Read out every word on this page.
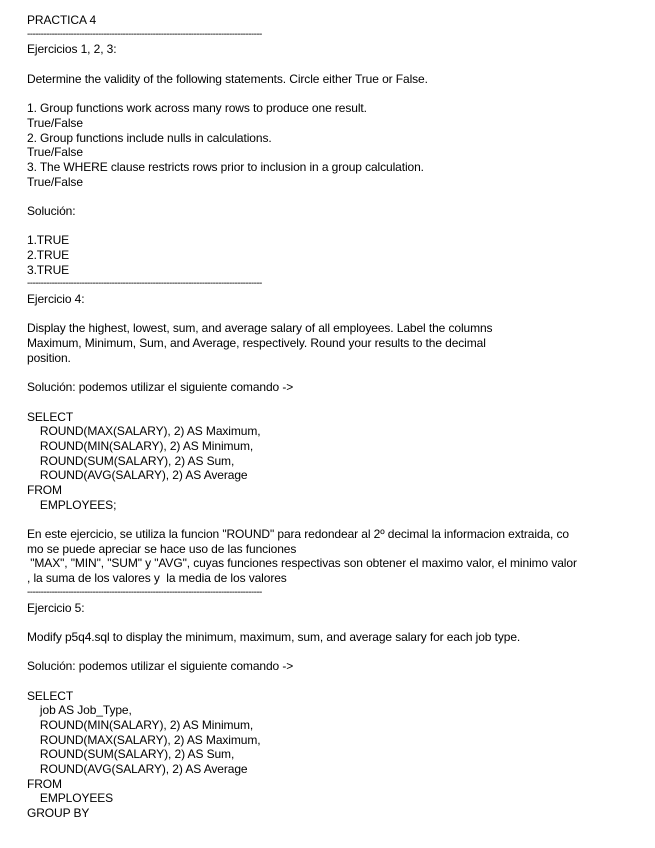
PRACTICA 4
--------------------------------------------------------------------------------------
Ejercicios 1, 2, 3:
Determine the validity of the following statements. Circle either True or False.
1. Group functions work across many rows to produce one result.
True/False
2. Group functions include nulls in calculations.
True/False
3. The WHERE clause restricts rows prior to inclusion in a group calculation.
True/False
Solución:
1.TRUE
2.TRUE
3.TRUE
--------------------------------------------------------------------------------------
Ejercicio 4:
Display the highest, lowest, sum, and average salary of all employees. Label the columns
Maximum, Minimum, Sum, and Average, respectively. Round your results to the decimal
position.
Solución: podemos utilizar el siguiente comando ->
SELECT
ROUND(MAX(SALARY), 2) AS Maximum,
ROUND(MIN(SALARY), 2) AS Minimum,
ROUND(SUM(SALARY), 2) AS Sum,
ROUND(AVG(SALARY), 2) AS Average
FROM
EMPLOYEES;
En este ejercicio, se utiliza la funcion "ROUND" para redondear al 2º decimal la informacion extraida, co
mo se puede apreciar se hace uso de las funciones
"MAX", "MIN", "SUM" y "AVG", cuyas funciones respectivas son obtener el maximo valor, el minimo valor
, la suma de los valores y  la media de los valores
--------------------------------------------------------------------------------------
Ejercicio 5:
Modify p5q4.sql to display the minimum, maximum, sum, and average salary for each job type.
Solución: podemos utilizar el siguiente comando ->
SELECT
job AS Job_Type,
ROUND(MIN(SALARY), 2) AS Minimum,
ROUND(MAX(SALARY), 2) AS Maximum,
ROUND(SUM(SALARY), 2) AS Sum,
ROUND(AVG(SALARY), 2) AS Average
FROM
EMPLOYEES
GROUP BY
